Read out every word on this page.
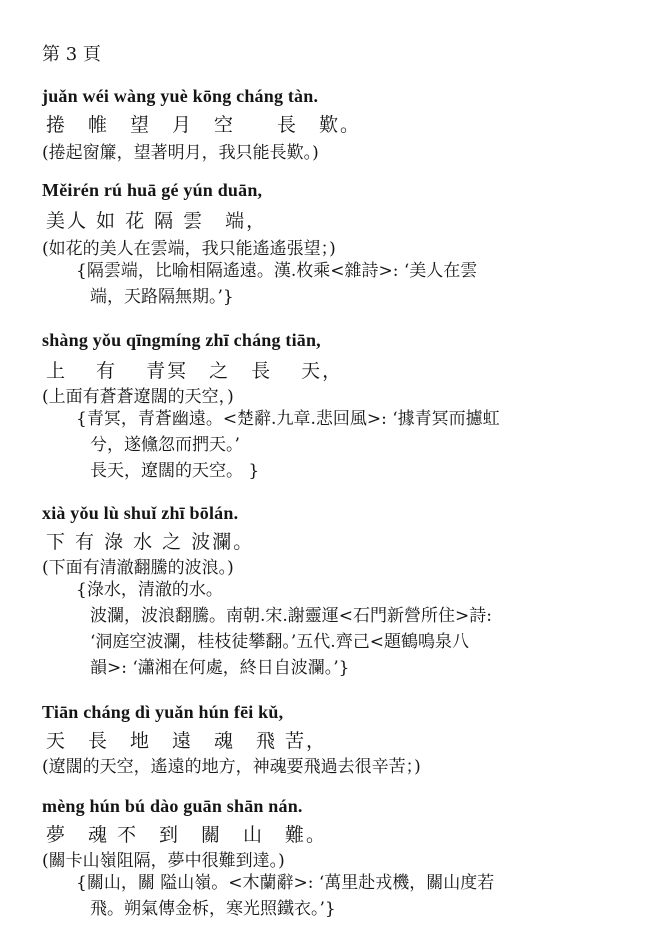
第 3 頁
juǎn wéi wàng yuè kōng cháng tàn.
捲　帷　望　月　空　　長　歎。
(捲起窗簾，望著明月，我只能長歎。)
Měirén rú huā gé yún duān,
美人 如 花 隔 雲　端，
(如花的美人在雲端，我只能遙遙張望；)
{隔雲端，比喻相隔遙遠。漢.枚乘<雜詩>: ‘美人在雲
端，天路隔無期。’}
shàng yǒu qīngmíng zhī cháng tiān,
上　 有　 青冥　之　長　 天，
(上面有蒼蒼遼闊的天空，)
{青冥，青蒼幽遠。<楚辭.九章.悲回風>: ‘據青冥而攄虹
兮，遂儵忽而捫天。’
長天，遼闊的天空。 }
xià yǒu lù shuǐ zhī bōlán.
下 有 淥 水 之 波瀾。
(下面有清澈翻騰的波浪。)
{淥水，清澈的水。
波瀾，波浪翻騰。南朝.宋.謝靈運<石門新營所住>詩:
‘洞庭空波瀾，桂枝徒攀翻。’五代.齊己<題鶴鳴泉八
韻>: ‘瀟湘在何處，終日自波瀾。’}
Tiān cháng dì yuǎn hún fēi kǔ,
天　長　地　遠　魂　飛 苦，
(遼闊的天空，遙遠的地方，神魂要飛過去很辛苦；)
mèng hún bú dào guān shān nán.
夢　魂 不　到　關　山　難。
(關卡山嶺阻隔，夢中很難到達。)
{關山，關 隘山嶺。<木蘭辭>: ‘萬里赴戎機，關山度若
飛。朔氣傳金柝，寒光照鐵衣。’}
